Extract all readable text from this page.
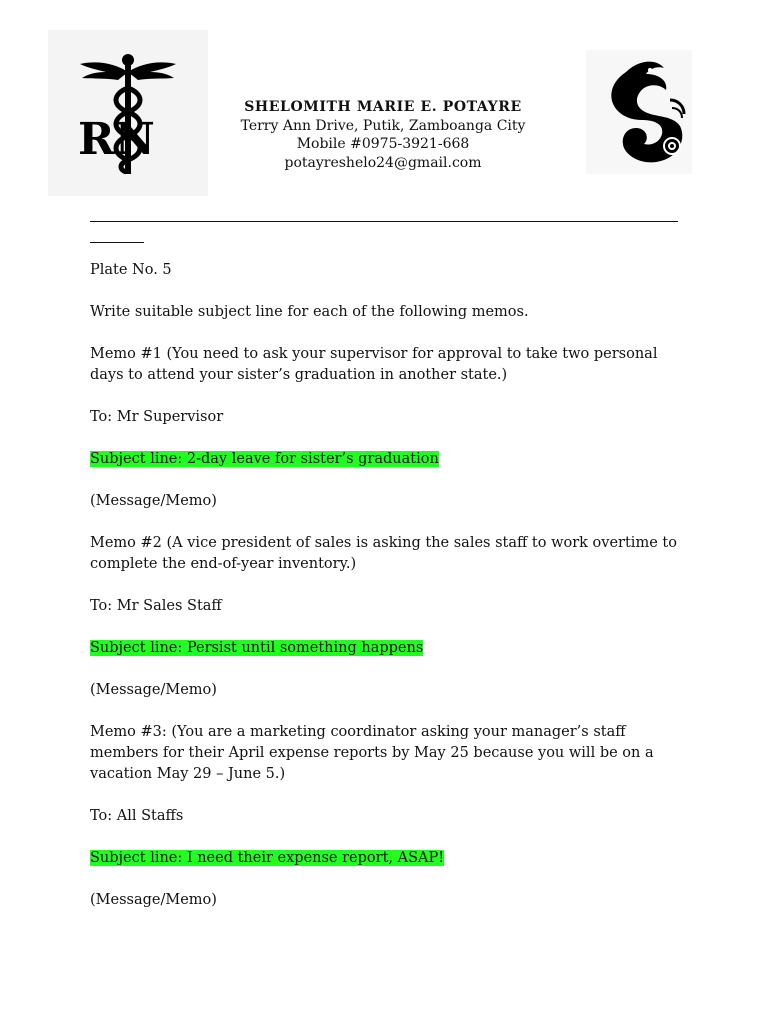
RN
SHELOMITH MARIE E. POTAYRE
Terry Ann Drive, Putik, Zamboanga City
Mobile #0975-3921-668
potayreshelo24@gmail.com

Plate No. 5

Write suitable subject line for each of the following memos.

Memo #1 (You need to ask your supervisor for approval to take two personal days to attend your sister’s graduation in another state.)

To: Mr Supervisor

Subject line: 2-day leave for sister’s graduation

(Message/Memo)

Memo #2 (A vice president of sales is asking the sales staff to work overtime to complete the end-of-year inventory.)

To: Mr Sales Staff

Subject line: Persist until something happens

(Message/Memo)

Memo #3: (You are a marketing coordinator asking your manager’s staff members for their April expense reports by May 25 because you will be on a vacation May 29 – June 5.)

To: All Staffs

Subject line: I need their expense report, ASAP!

(Message/Memo)
